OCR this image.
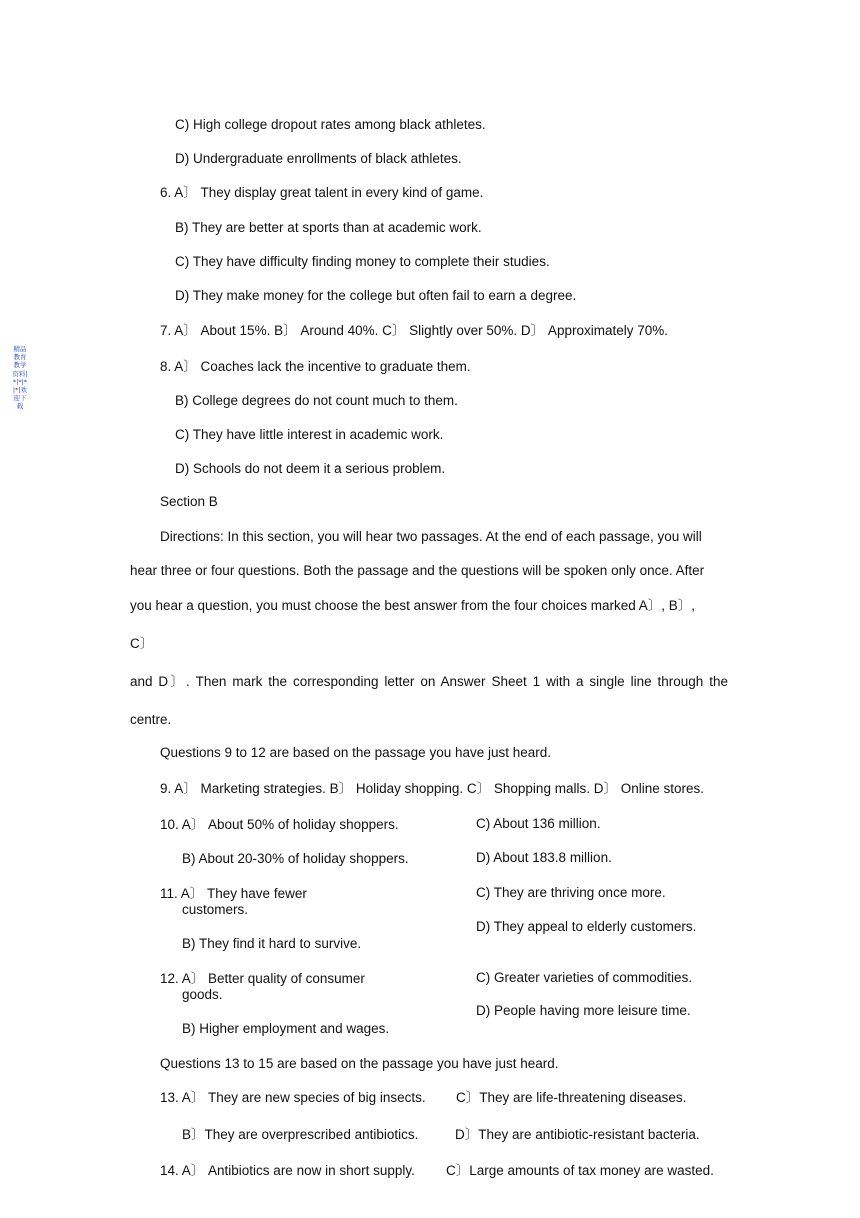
精品教育教学资料|*|*|*|*|欢迎下载
C) High college dropout rates among black athletes.
D) Undergraduate enrollments of black athletes.
6. A〕 They display great talent in every kind of game.
B) They are better at sports than at academic work.
C) They have difficulty finding money to complete their studies.
D) They make money for the college but often fail to earn a degree.
7. A〕 About 15%. B〕 Around 40%. C〕 Slightly over 50%. D〕 Approximately 70%.
8. A〕 Coaches lack the incentive to graduate them.
B) College degrees do not count much to them.
C) They have little interest in academic work.
D) Schools do not deem it a serious problem.
Section B
Directions: In this section, you will hear two passages. At the end of each passage, you will
hear three or four questions. Both the passage and the questions will be spoken only once. After
you hear a question, you must choose the best answer from the four choices marked A〕, B〕,
C〕
and D〕. Then mark the corresponding letter on Answer Sheet 1 with a single line through the
centre.
Questions 9 to 12 are based on the passage you have just heard.
9. A〕 Marketing strategies. B〕 Holiday shopping. C〕 Shopping malls. D〕 Online stores.
10. A〕 About 50% of holiday shoppers.	C) About 136 million.
B) About 20-30% of holiday shoppers.	D) About 183.8 million.
11. A〕 They have fewer customers.
C) They are thriving once more.
D) They appeal to elderly customers.
B) They find it hard to survive.
12. A〕 Better quality of consumer goods.
C) Greater varieties of commodities.
D) People having more leisure time.
B) Higher employment and wages.
Questions 13 to 15 are based on the passage you have just heard.
13. A〕 They are new species of big insects. C〕They are life-threatening diseases.
B〕They are overprescribed antibiotics.	D〕They are antibiotic-resistant bacteria.
14. A〕 Antibiotics are now in short supply. C〕Large amounts of tax money are wasted.
